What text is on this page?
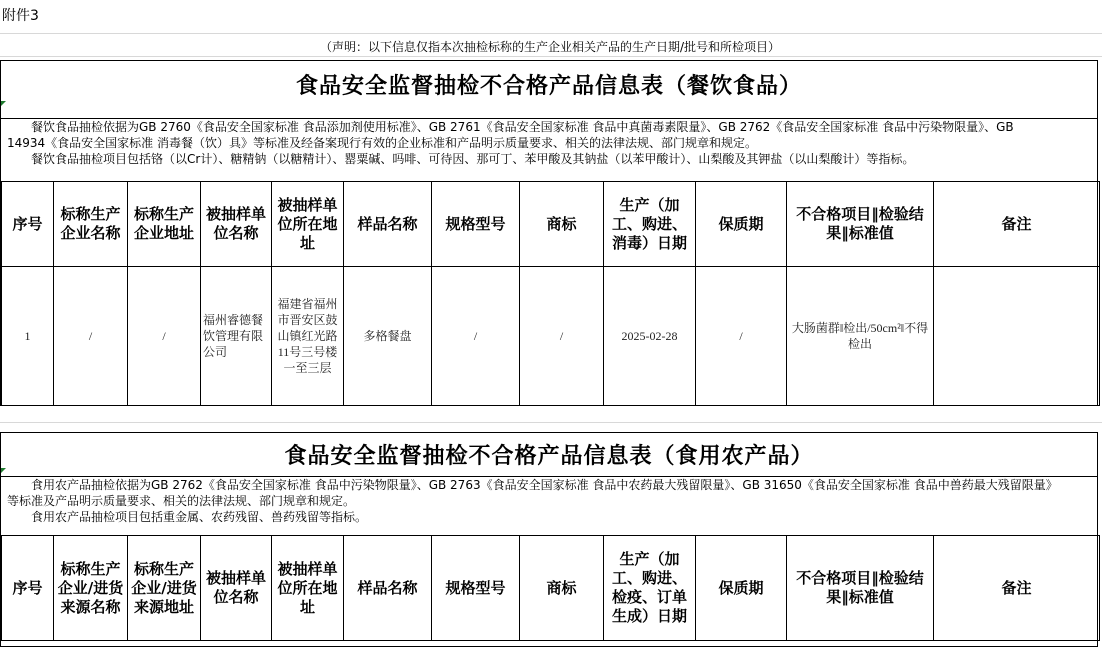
附件3
（声明：以下信息仅指本次抽检标称的生产企业相关产品的生产日期/批号和所检项目）
食品安全监督抽检不合格产品信息表（餐饮食品）

餐饮食品抽检依据为GB 2760《食品安全国家标准 食品添加剂使用标准》、GB 2761《食品安全国家标准 食品中真菌毒素限量》、GB 2762《食品安全国家标准 食品中污染物限量》、GB

14934《食品安全国家标准 消毒餐（饮）具》等标准及经备案现行有效的企业标准和产品明示质量要求、相关的法律法规、部门规章和规定。

餐饮食品抽检项目包括铬（以Cr计）、糖精钠（以糖精计）、罂粟碱、吗啡、可待因、那可丁、苯甲酸及其钠盐（以苯甲酸计）、山梨酸及其钾盐（以山梨酸计）等指标。

序号	标称生产企业名称	标称生产企业地址	被抽样单位名称	被抽样单位所在地址	样品名称	规格型号	商标	生产（加工、购进、消毒）日期	保质期	不合格项目‖检验结果‖标准值	备注
1	/	/	福州睿德餐饮管理有限公司	福建省福州市晋安区鼓山镇红光路11号三号楼一至三层	多格餐盘	/	/	2025-02-28	/	大肠菌群‖检出/50cm²‖不得检出	
食品安全监督抽检不合格产品信息表（食用农产品）

食用农产品抽检依据为GB 2762《食品安全国家标准 食品中污染物限量》、GB 2763《食品安全国家标准 食品中农药最大残留限量》、GB 31650《食品安全国家标准 食品中兽药最大残留限量》

等标准及产品明示质量要求、相关的法律法规、部门规章和规定。

食用农产品抽检项目包括重金属、农药残留、兽药残留等指标。

序号	标称生产企业/进货来源名称	标称生产企业/进货来源地址	被抽样单位名称	被抽样单位所在地址	样品名称	规格型号	商标	生产（加工、购进、检疫、订单生成）日期	保质期	不合格项目‖检验结果‖标准值	备注
